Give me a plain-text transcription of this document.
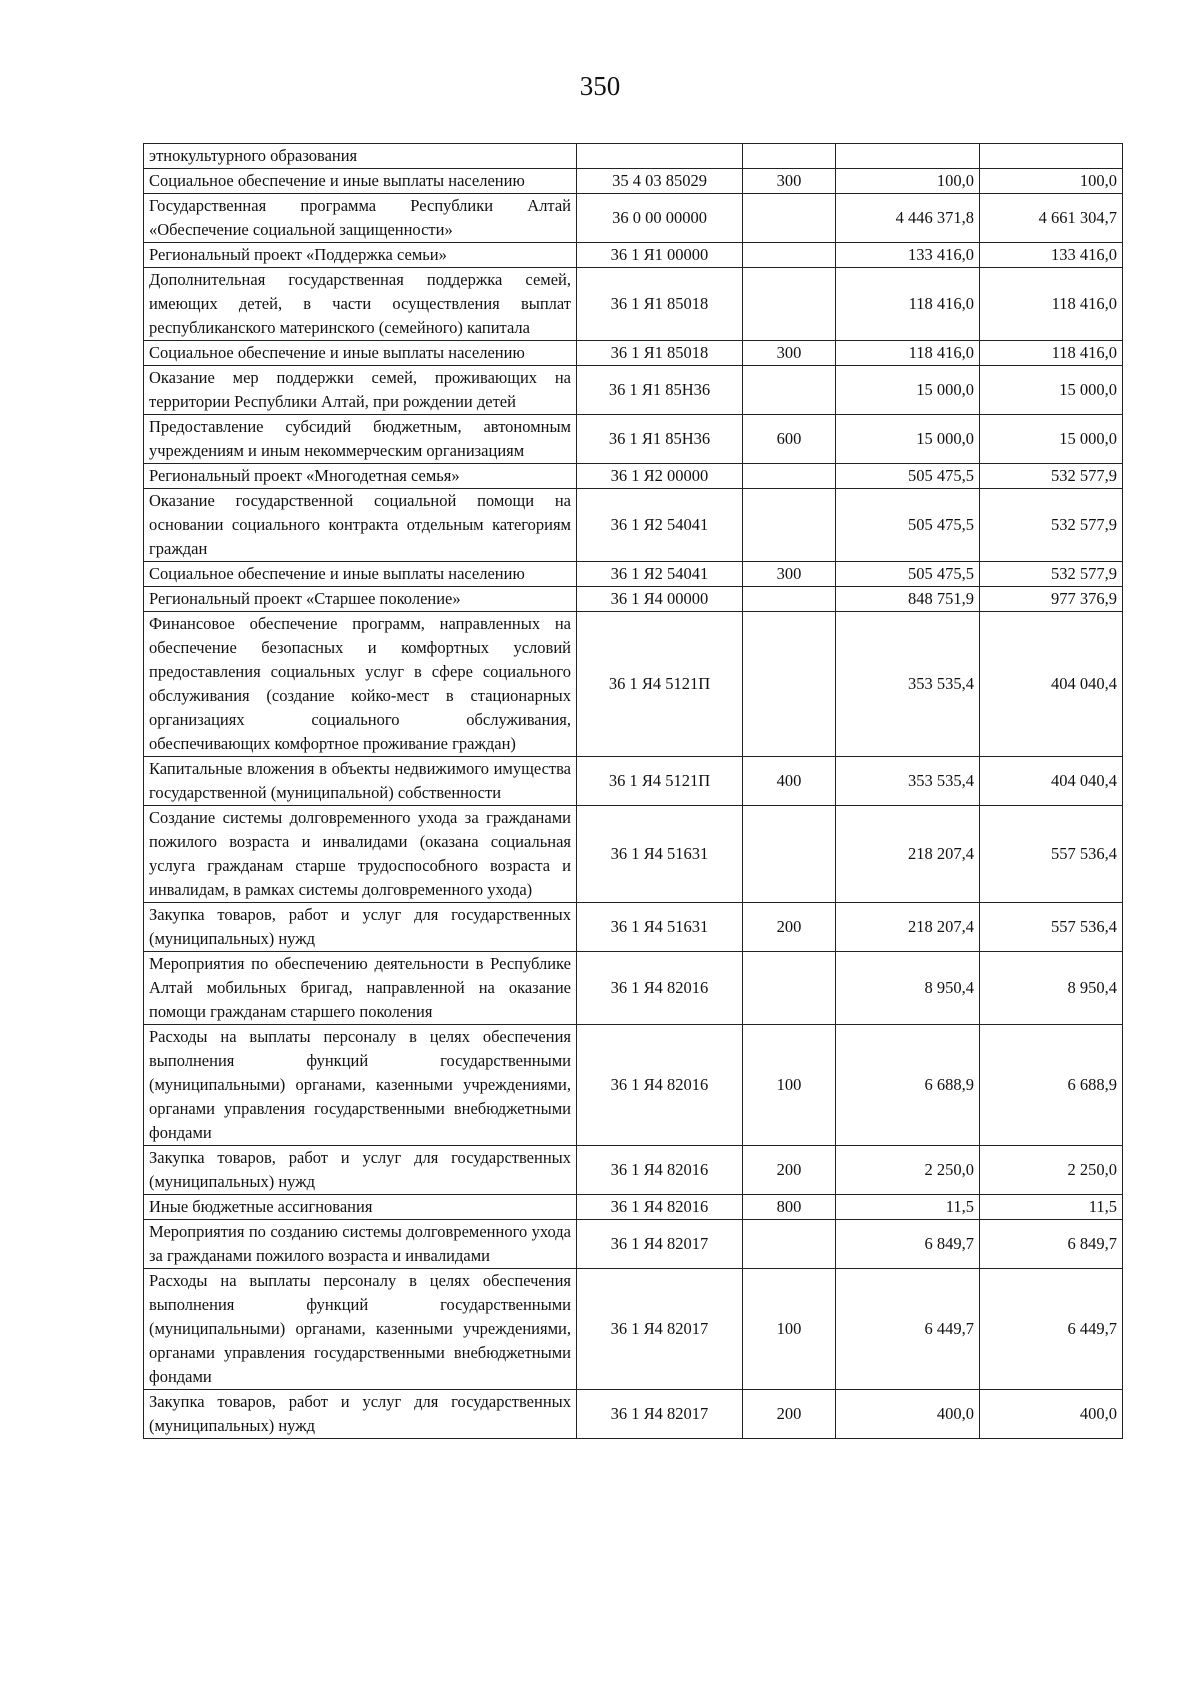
350
этнокультурного образования				
Социальное обеспечение и иные выплаты населению	35 4 03 85029	300	100,0	100,0
Государственная программа Республики Алтай «Обеспечение социальной защищенности»	36 0 00 00000		4 446 371,8	4 661 304,7
Региональный проект «Поддержка семьи»	36 1 Я1 00000		133 416,0	133 416,0
Дополнительная государственная поддержка семей, имеющих детей, в части осуществления выплат республиканского материнского (семейного) капитала	36 1 Я1 85018		118 416,0	118 416,0
Социальное обеспечение и иные выплаты населению	36 1 Я1 85018	300	118 416,0	118 416,0
Оказание мер поддержки семей, проживающих на территории Республики Алтай, при рождении детей	36 1 Я1 85Н36		15 000,0	15 000,0
Предоставление субсидий бюджетным, автономным учреждениям и иным некоммерческим организациям	36 1 Я1 85Н36	600	15 000,0	15 000,0
Региональный проект «Многодетная семья»	36 1 Я2 00000		505 475,5	532 577,9
Оказание государственной социальной помощи на основании социального контракта отдельным категориям граждан	36 1 Я2 54041		505 475,5	532 577,9
Социальное обеспечение и иные выплаты населению	36 1 Я2 54041	300	505 475,5	532 577,9
Региональный проект «Старшее поколение»	36 1 Я4 00000		848 751,9	977 376,9
Финансовое обеспечение программ, направленных на обеспечение безопасных и комфортных условий предоставления социальных услуг в сфере социального обслуживания (создание койко-мест в стационарных организациях социального обслуживания, обеспечивающих комфортное проживание граждан)	36 1 Я4 5121П		353 535,4	404 040,4
Капитальные вложения в объекты недвижимого имущества государственной (муниципальной) собственности	36 1 Я4 5121П	400	353 535,4	404 040,4
Создание системы долговременного ухода за гражданами пожилого возраста и инвалидами (оказана социальная услуга гражданам старше трудоспособного возраста и инвалидам, в рамках системы долговременного ухода)	36 1 Я4 51631		218 207,4	557 536,4
Закупка товаров, работ и услуг для государственных (муниципальных) нужд	36 1 Я4 51631	200	218 207,4	557 536,4
Мероприятия по обеспечению деятельности в Республике Алтай мобильных бригад, направленной на оказание помощи гражданам старшего поколения	36 1 Я4 82016		8 950,4	8 950,4
Расходы на выплаты персоналу в целях обеспечения выполнения функций государственными (муниципальными) органами, казенными учреждениями, органами управления государственными внебюджетными фондами	36 1 Я4 82016	100	6 688,9	6 688,9
Закупка товаров, работ и услуг для государственных (муниципальных) нужд	36 1 Я4 82016	200	2 250,0	2 250,0
Иные бюджетные ассигнования	36 1 Я4 82016	800	11,5	11,5
Мероприятия по созданию системы долговременного ухода за гражданами пожилого возраста и инвалидами	36 1 Я4 82017		6 849,7	6 849,7
Расходы на выплаты персоналу в целях обеспечения выполнения функций государственными (муниципальными) органами, казенными учреждениями, органами управления государственными внебюджетными фондами	36 1 Я4 82017	100	6 449,7	6 449,7
Закупка товаров, работ и услуг для государственных (муниципальных) нужд	36 1 Я4 82017	200	400,0	400,0
